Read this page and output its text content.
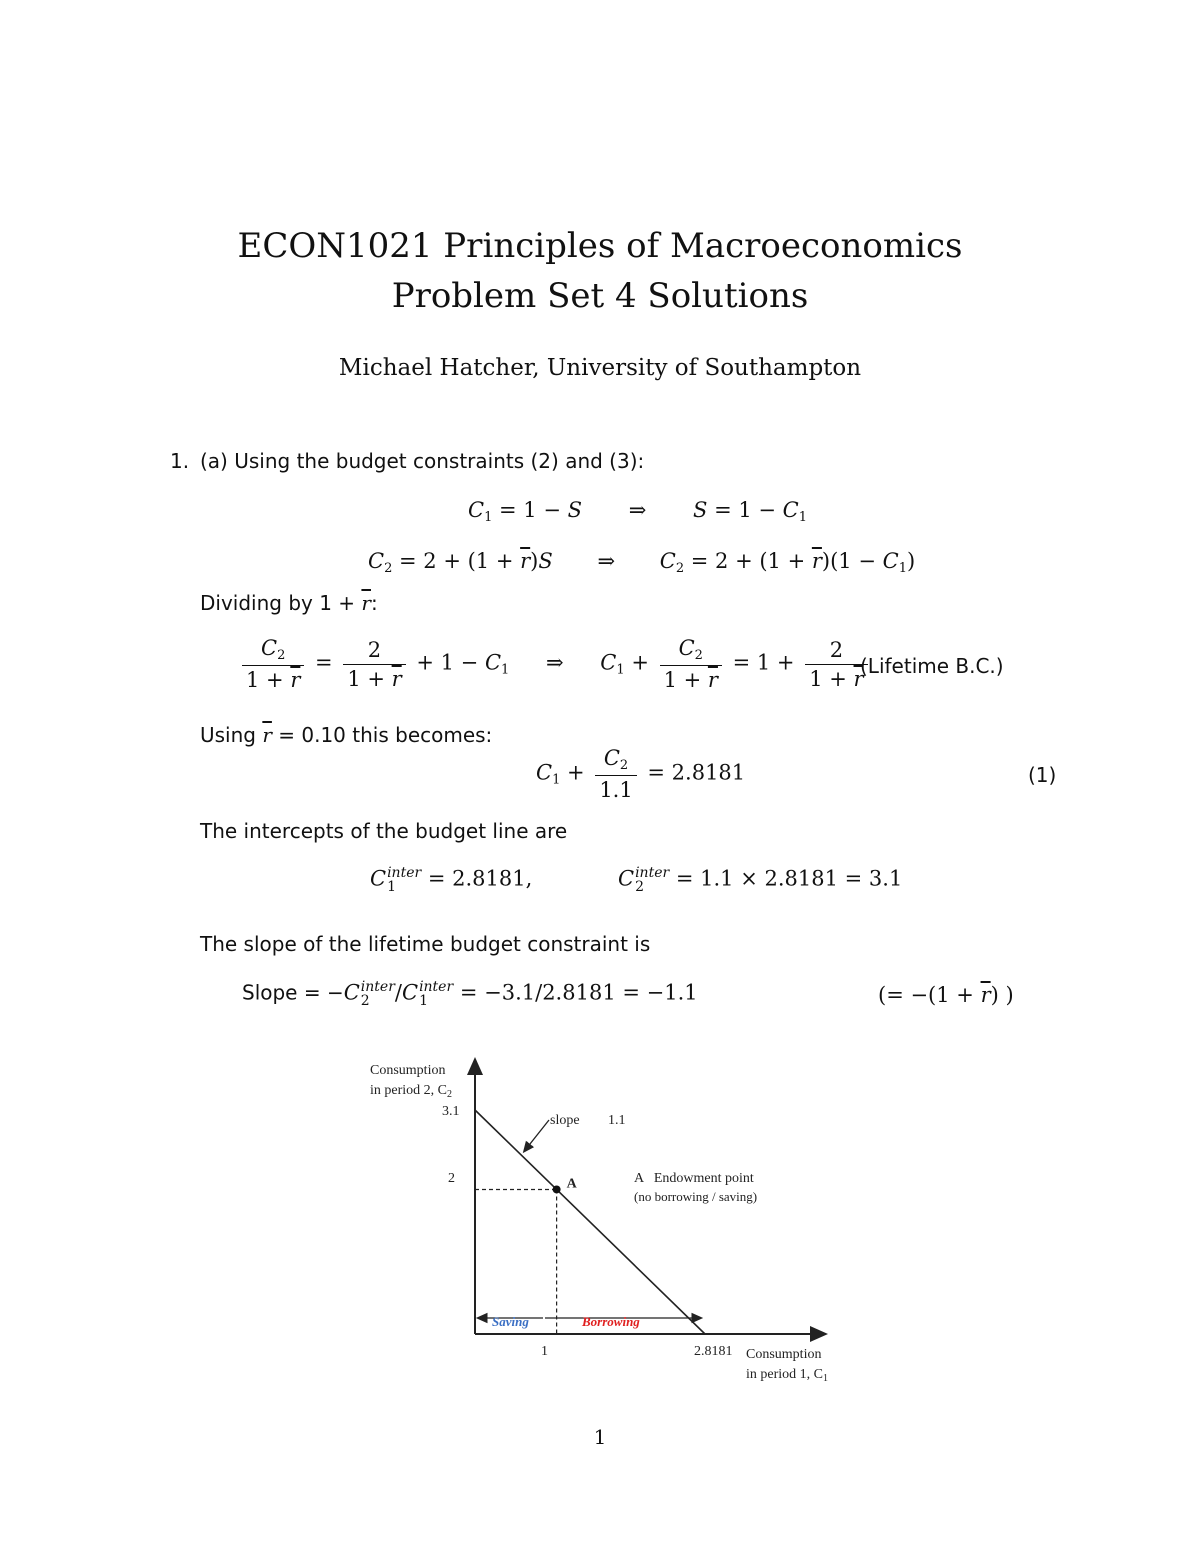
ECON1021 Principles of Macroeconomics
Problem Set 4 Solutions
Michael Hatcher, University of Southampton
1. (a) Using the budget constraints (2) and (3):
$C_1 = 1 - S$ ⇒ $S = 1 - C_1$
$C_2 = 2 + (1 + \overline{r})S$ ⇒ $C_2 = 2 + (1 + \overline{r})(1 - C_1)$
Dividing by $1 + \overline{r}$:
$\frac{C_2}{1 + \overline{r}} = \frac{2}{1 + \overline{r}} + 1 - C_1$ ⇒ $C_1 + \frac{C_2}{1 + \overline{r}} = 1 + \frac{2}{1 + \overline{r}}$
(Lifetime B.C.)
Using $\overline{r} = 0.10$ this becomes:
$C_1 + \frac{C_2}{1.1} = 2.8181$	(1)
The intercepts of the budget line are
C inter
1	= 2.8181,	C inter
2	= 1.1 × 2.8181 = 3.1
The slope of the lifetime budget constraint is
Slope = −C inter
2	/C inter
1	= −3.1/2.8181 = −1.1	(= $-(1 + \overline{r})$ )
Consumption
in period 2, $C_2$
Consumption
in period 1, $C_1$
3.1
2
1	2.8181
A
slope 1.1
A   Endowment point
(no borrowing / saving)
Saving	Borrowing
1
